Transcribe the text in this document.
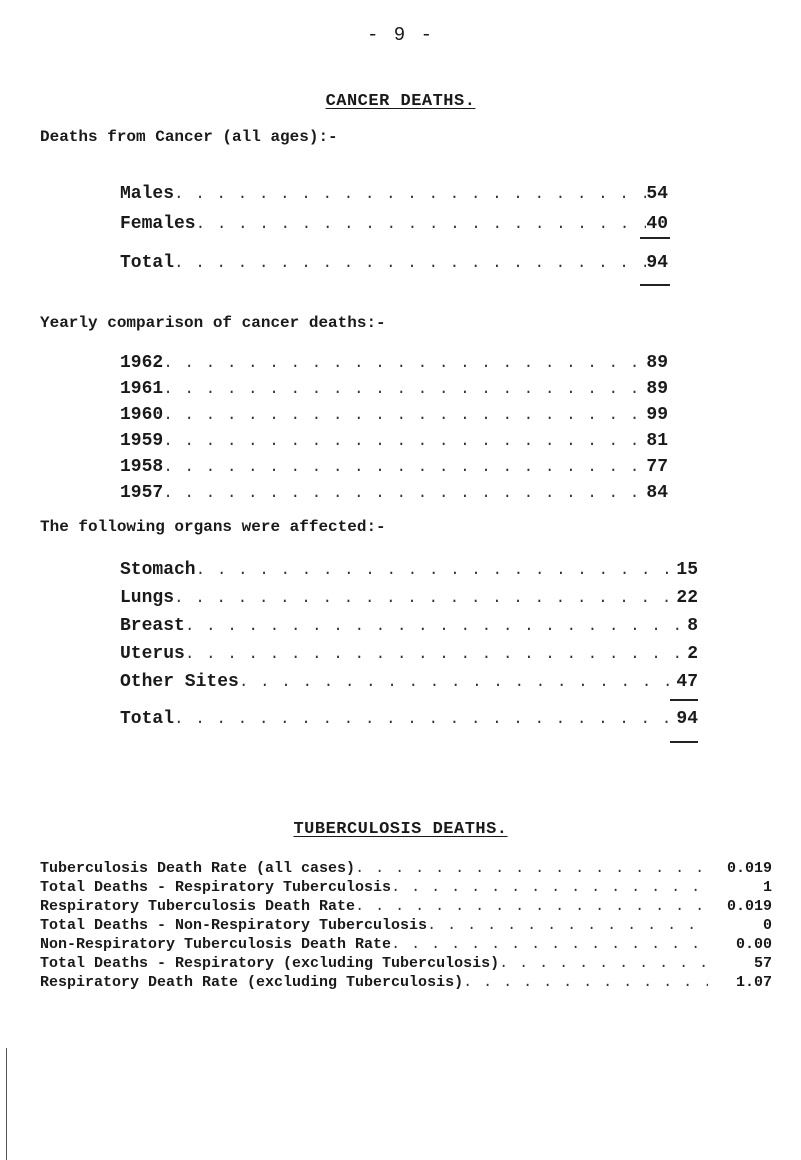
- 9 -
CANCER DEATHS.
Deaths from Cancer (all ages):-
Males . . .	54
Females . . .	40
Total . . .	94
Yearly comparison of cancer deaths:-
1962 . . .	89
1961 . . .	89
1960 . . .	99
1959 . . .	81
1958 . . .	77
1957 . . .	84
The following organs were affected:-
Stomach . . .	15
Lungs . . .	22
Breast . . .	8
Uterus . . .	2
Other Sites . . .	47
Total . . .	94
TUBERCULOSIS DEATHS.
Tuberculosis Death Rate (all cases) . . .	0.019
Total Deaths - Respiratory Tuberculosis . . .	1
Respiratory Tuberculosis Death Rate . . .	0.019
Total Deaths - Non-Respiratory Tuberculosis . . .	0
Non-Respiratory Tuberculosis Death Rate . . .	0.00
Total Deaths - Respiratory (excluding Tuberculosis) . . .	57
Respiratory Death Rate (excluding Tuberculosis) . . .	1.07
